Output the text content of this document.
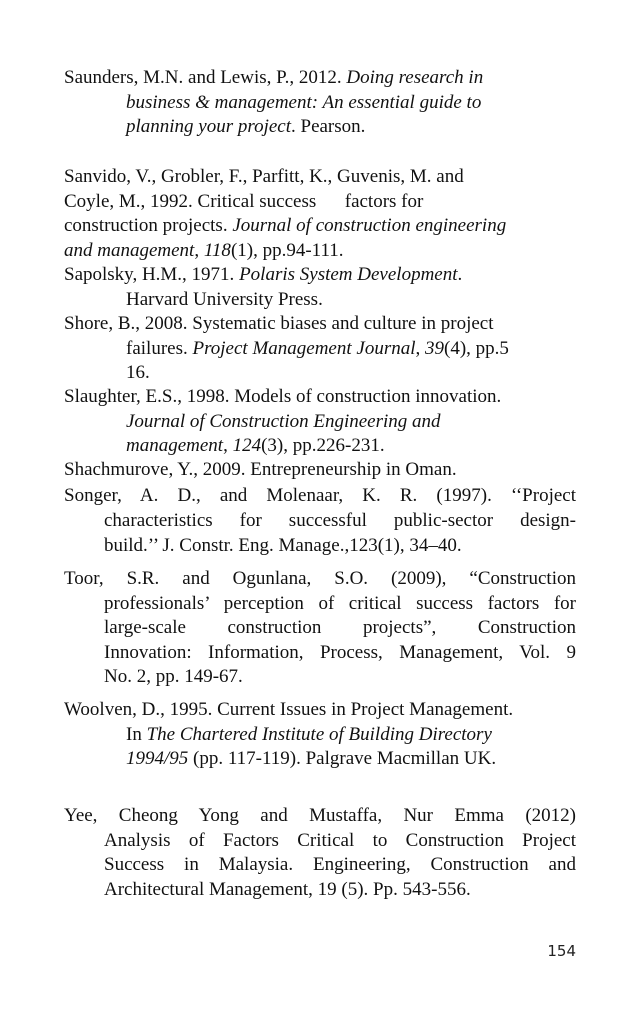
Saunders, M.N. and Lewis, P., 2012. Doing research in
business & management: An essential guide to
planning your project. Pearson.
Sanvido, V., Grobler, F., Parfitt, K., Guvenis, M. and
Coyle, M., 1992. Critical success      factors for
construction projects. Journal of construction engineering
and management, 118(1), pp.94-111.
Sapolsky, H.M., 1971. Polaris System Development.
Harvard University Press.
Shore, B., 2008. Systematic biases and culture in project
failures. Project Management Journal, 39(4), pp.5
16.
Slaughter, E.S., 1998. Models of construction innovation.
Journal of Construction Engineering and
management, 124(3), pp.226-231.
Shachmurove, Y., 2009. Entrepreneurship in Oman.
Songer, A. D., and Molenaar, K. R. (1997). ‘‘Project
characteristics for successful public-sector design-
build.’’ J. Constr. Eng. Manage.,123(1), 34–40.
Toor, S.R. and Ogunlana, S.O. (2009), “Construction
professionals’ perception of critical success factors for
large-scale construction projects”, Construction
Innovation: Information, Process, Management, Vol. 9
No. 2, pp. 149-67.
Woolven, D., 1995. Current Issues in Project Management.
In The Chartered Institute of Building Directory
1994/95 (pp. 117-119). Palgrave Macmillan UK.
Yee, Cheong Yong and Mustaffa, Nur Emma (2012)
Analysis of Factors Critical to Construction Project
Success in Malaysia. Engineering, Construction and
Architectural Management, 19 (5). Pp. 543-556.
154
